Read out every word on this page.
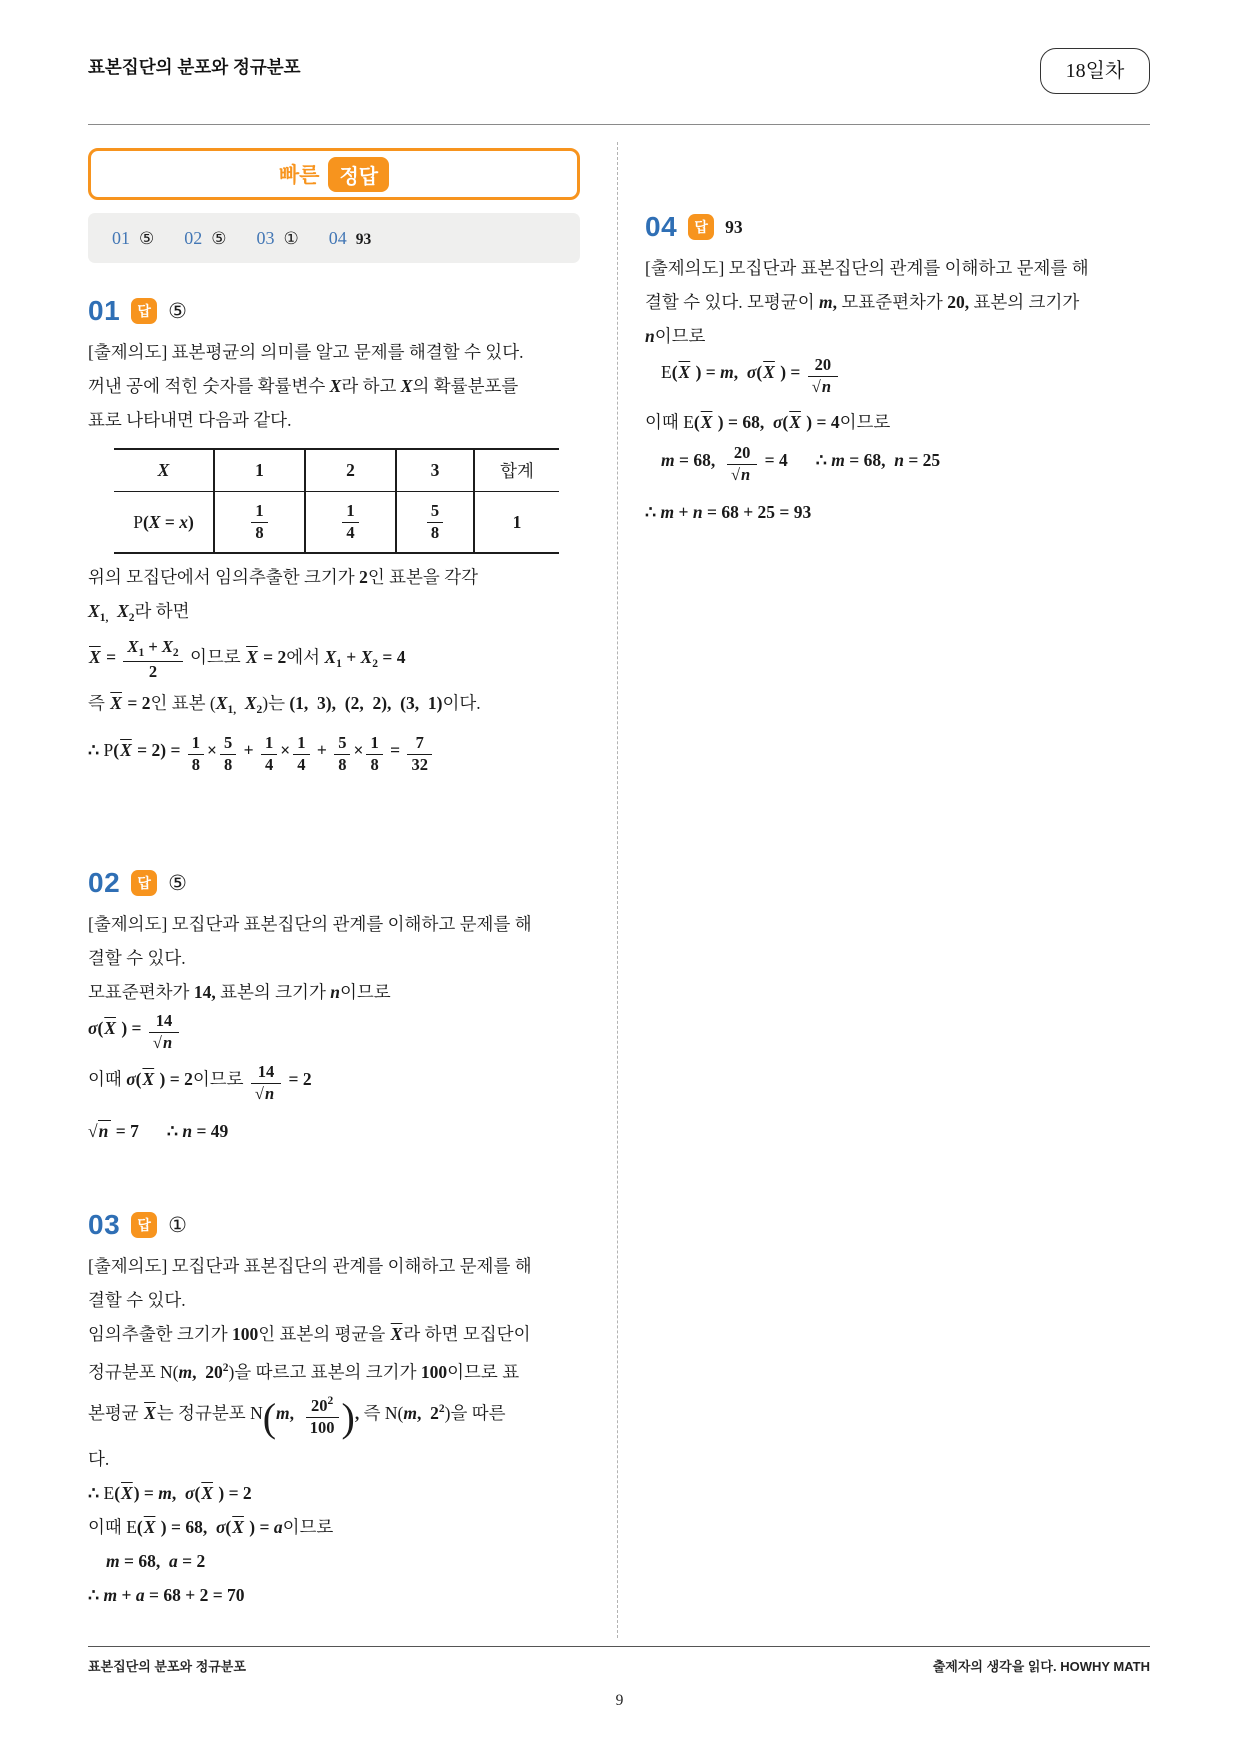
표본집단의 분포와 정규분포	18일차
빠른	정답
01 ⑤ 02 ⑤ 03 ① 04 93
01	답 ⑤
[출제의도] 표본평균의 의미를 알고 문제를 해결할 수 있다.
꺼낸 공에 적힌 숫자를 확률변수 X라 하고 X의 확률분포를
표로 나타내면 다음과 같다.
X	1	2	3	합계
P(X = x)	$\frac{1}{8}$	$\frac{1}{4}$	$\frac{5}{8}$	1
위의 모집단에서 임의추출한 크기가 2인 표본을 각각
$X_{1,}$ $X_2$라 하면
$\overline{X} = \frac{X_1 + X_2}{2}$ 이므로 $\overline{X} = 2$에서 $X_1 + X_2 = 4$
즉 $\overline{X} = 2$인 표본 ($X_{1,}$ $X_2$)는 (1,  3),  (2,  2),  (3,  1)이다.
∴ $P(\overline{X} = 2) = \frac{1}{8} \times \frac{5}{8} + \frac{1}{4} \times \frac{1}{4} + \frac{5}{8} \times \frac{1}{8} = \frac{7}{32}$
02	답 ⑤
[출제의도] 모집단과 표본집단의 관계를 이해하고 문제를 해
결할 수 있다.
모표준편차가 14, 표본의 크기가 n이므로
$\sigma(\overline{X}$ ) = $\frac{14}{√n}$
이때 $\sigma(\overline{X}$ ) = 2이므로 $\frac{14}{√n} = 2$
√n = 7 ∴ n = 49
03	답 ①
[출제의도] 모집단과 표본집단의 관계를 이해하고 문제를 해
결할 수 있다.
임의추출한 크기가 100인 표본의 평균을 $\overline{X}$라 하면 모집단이
정규분포 N(m,  $20^2$)을 따르고 표본의 크기가 100이므로 표
본평균 $\overline{X}$는 정규분포 N(m, $\frac{20^2}{100}$ ), 즉 N(m,  $2^2$)을 따른
다.
∴ $E(\overline{X}) = m$,  $\sigma(\overline{X}$ ) = 2
이때 $E(\overline{X}$ ) = 68,  $\sigma(\overline{X}$ ) = a이므로
m = 68,  a = 2
∴ m + a = 68 + 2 = 70
04	답 93
[출제의도] 모집단과 표본집단의 관계를 이해하고 문제를 해
결할 수 있다. 모평균이 m, 모표준편차가 20, 표본의 크기가
n이므로
$E(\overline{X}$ ) = m,  $\sigma(\overline{X}$ ) = $\frac{20}{√n}$
이때 $E(\overline{X}$ ) = 68,  $\sigma(\overline{X}$ ) = 4이므로
m = 68, $\frac{20}{√n} = 4$ ∴ m = 68,  n = 25
∴ m + n = 68 + 25 = 93
표본집단의 분포와 정규분포	출제자의 생각을 읽다. HOWHY MATH
9
